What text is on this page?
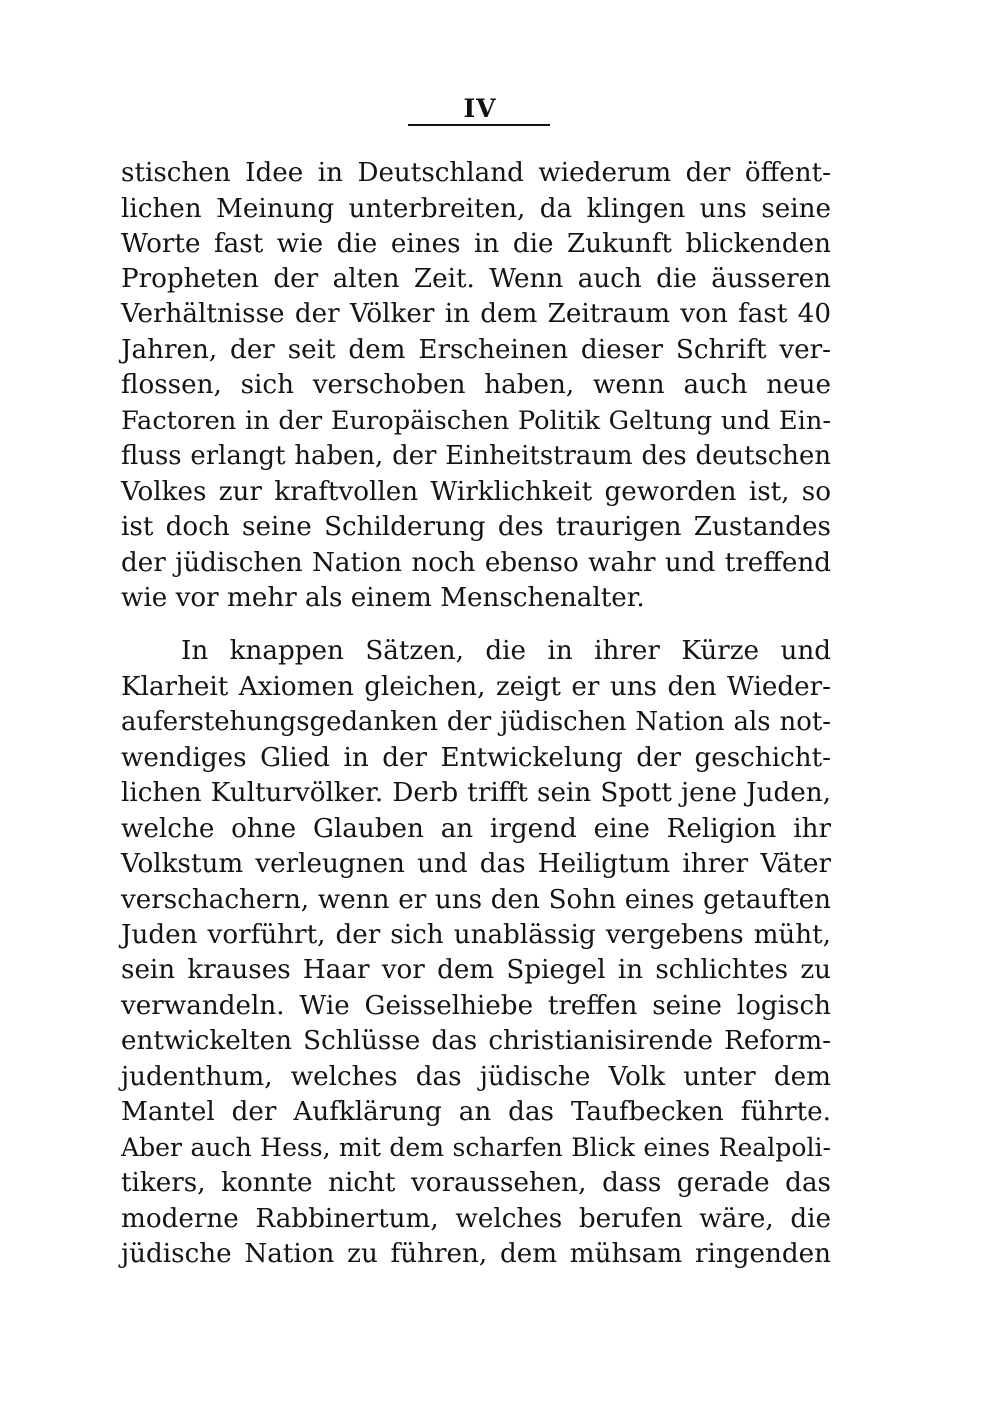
IV
stischen Idee in Deutschland wiederum der öffent-
lichen Meinung unterbreiten, da klingen uns seine
Worte fast wie die eines in die Zukunft blickenden
Propheten der alten Zeit. Wenn auch die äusseren
Verhältnisse der Völker in dem Zeitraum von fast 40
Jahren, der seit dem Erscheinen dieser Schrift ver-
flossen, sich verschoben haben, wenn auch neue
Factoren in der Europäischen Politik Geltung und Ein-
fluss erlangt haben, der Einheitstraum des deutschen
Volkes zur kraftvollen Wirklichkeit geworden ist, so
ist doch seine Schilderung des traurigen Zustandes
der jüdischen Nation noch ebenso wahr und treffend
wie vor mehr als einem Menschenalter.
In knappen Sätzen, die in ihrer Kürze und
Klarheit Axiomen gleichen, zeigt er uns den Wieder-
auferstehungsgedanken der jüdischen Nation als not-
wendiges Glied in der Entwickelung der geschicht-
lichen Kulturvölker. Derb trifft sein Spott jene Juden,
welche ohne Glauben an irgend eine Religion ihr
Volkstum verleugnen und das Heiligtum ihrer Väter
verschachern, wenn er uns den Sohn eines getauften
Juden vorführt, der sich unablässig vergebens müht,
sein krauses Haar vor dem Spiegel in schlichtes zu
verwandeln. Wie Geisselhiebe treffen seine logisch
entwickelten Schlüsse das christianisirende Reform-
judenthum, welches das jüdische Volk unter dem
Mantel der Aufklärung an das Taufbecken führte.
Aber auch Hess, mit dem scharfen Blick eines Realpoli-
tikers, konnte nicht voraussehen, dass gerade das
moderne Rabbinertum, welches berufen wäre, die
jüdische Nation zu führen, dem mühsam ringenden
